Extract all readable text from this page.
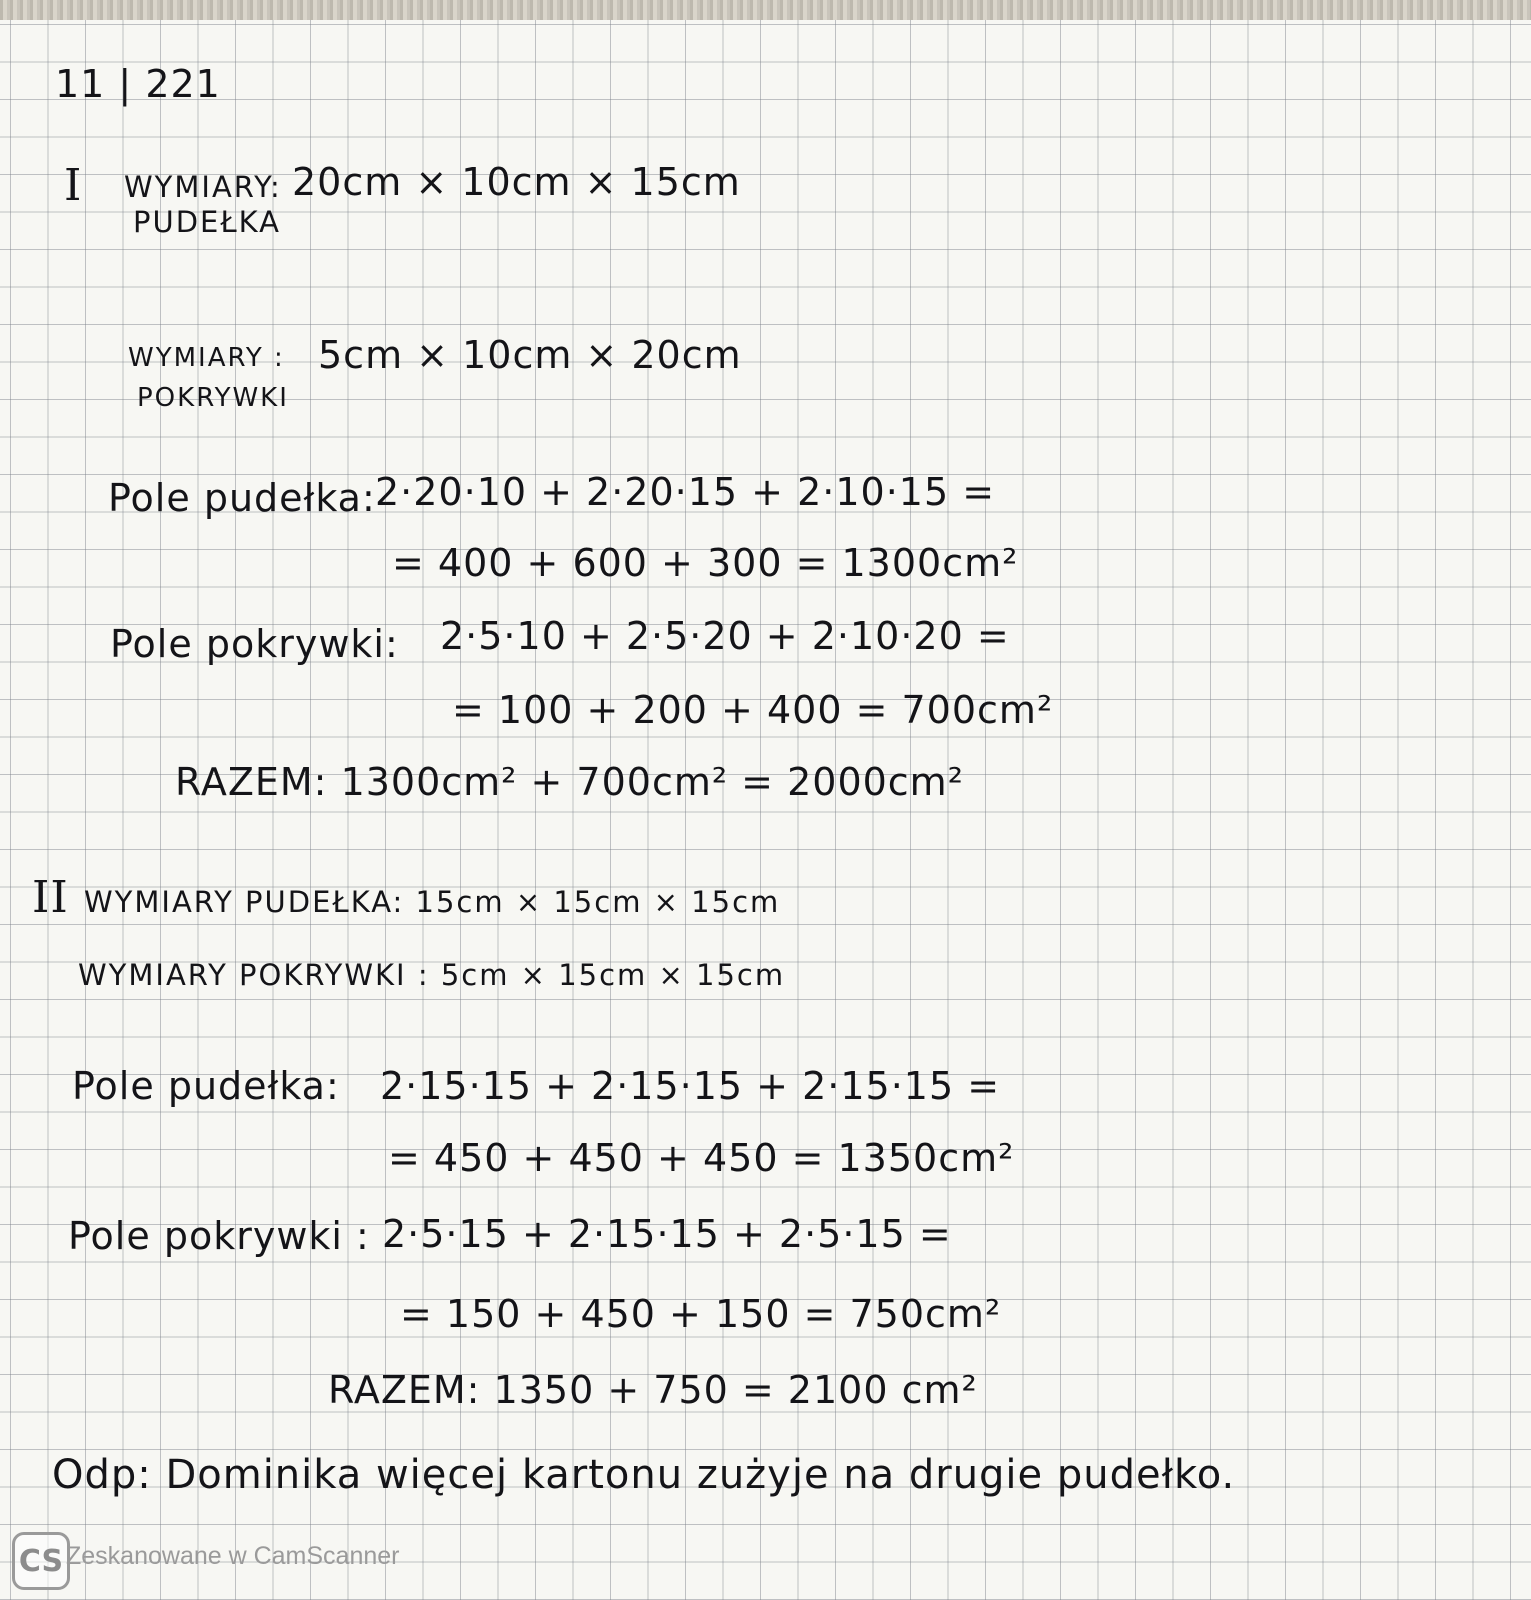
11 | 221
I WYMIARY:
PUDEŁKA
20cm × 10cm × 15cm
WYMIARY :
POKRYWKI
5cm × 10cm × 20cm
Pole pudełka: 2·20·10 + 2·20·15 + 2·10·15 =
= 400 + 600 + 300 = 1300cm²
Pole pokrywki: 2·5·10 + 2·5·20 + 2·10·20 =
= 100 + 200 + 400 = 700cm²
RAZEM: 1300cm² + 700cm² = 2000cm²
II WYMIARY PUDEŁKA: 15cm × 15cm × 15cm
WYMIARY POKRYWKI : 5cm × 15cm × 15cm
Pole pudełka: 2·15·15 + 2·15·15 + 2·15·15 =
= 450 + 450 + 450 = 1350cm²
Pole pokrywki : 2·5·15 + 2·15·15 + 2·5·15 =
= 150 + 450 + 150 = 750cm²
RAZEM: 1350 + 750 = 2100 cm²
Odp: Dominika więcej kartonu zużyje na drugie pudełko.
CS Zeskanowane w CamScanner
